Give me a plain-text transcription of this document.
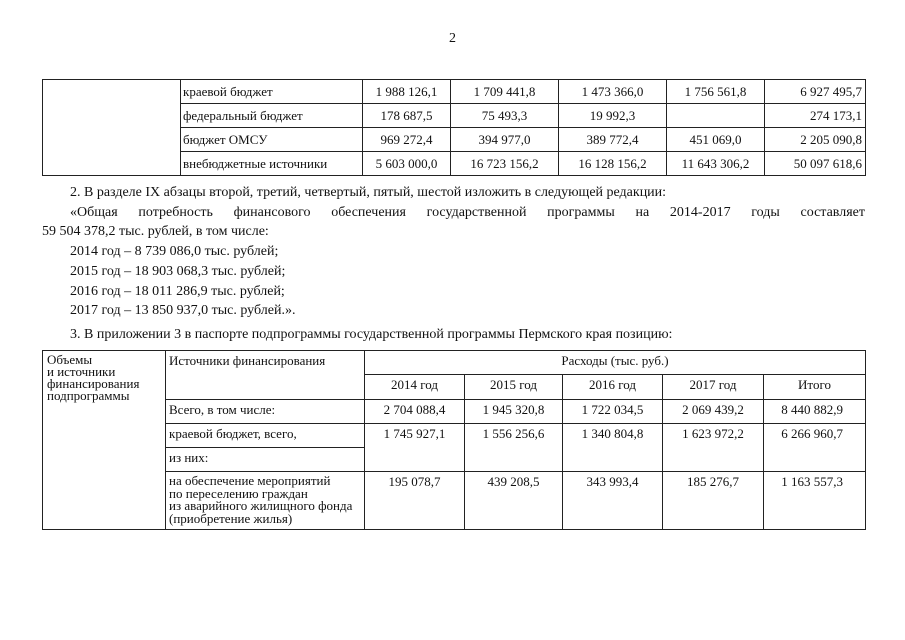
2
	краевой бюджет	1 988 126,1	1 709 441,8	1 473 366,0	1 756 561,8	6 927 495,7
	федеральный бюджет	178 687,5	75 493,3	19 992,3		274 173,1
	бюджет ОМСУ	969 272,4	394 977,0	389 772,4	451 069,0	2 205 090,8
	внебюджетные источники	5 603 000,0	16 723 156,2	16 128 156,2	11 643 306,2	50 097 618,6

2. В разделе IX абзацы второй, третий, четвертый, пятый, шестой изложить в следующей редакции:

«Общая потребность финансового обеспечения государственной программы на 2014-2017 годы составляет

59 504 378,2 тыс. рублей, в том числе:

2014 год – 8 739 086,0 тыс. рублей;

2015 год – 18 903 068,3 тыс. рублей;

2016 год – 18 011 286,9 тыс. рублей;

2017 год – 13 850 937,0 тыс. рублей.».

3. В приложении 3 в паспорте подпрограммы государственной программы Пермского края позицию:

Объемы
и источники
финансирования
подпрограммы	Источники финансирования	Расходы (тыс. руб.)				
		2014 год	2015 год	2016 год	2017 год	Итого
	Всего, в том числе:	2 704 088,4	1 945 320,8	1 722 034,5	2 069 439,2	8 440 882,9
	краевой бюджет, всего,	1 745 927,1	1 556 256,6	1 340 804,8	1 623 972,2	6 266 960,7
	из них:					

	на обеспечение мероприятий
по переселению граждан
из аварийного жилищного фонда
(приобретение жилья)	195 078,7	439 208,5	343 993,4	185 276,7	1 163 557,3
